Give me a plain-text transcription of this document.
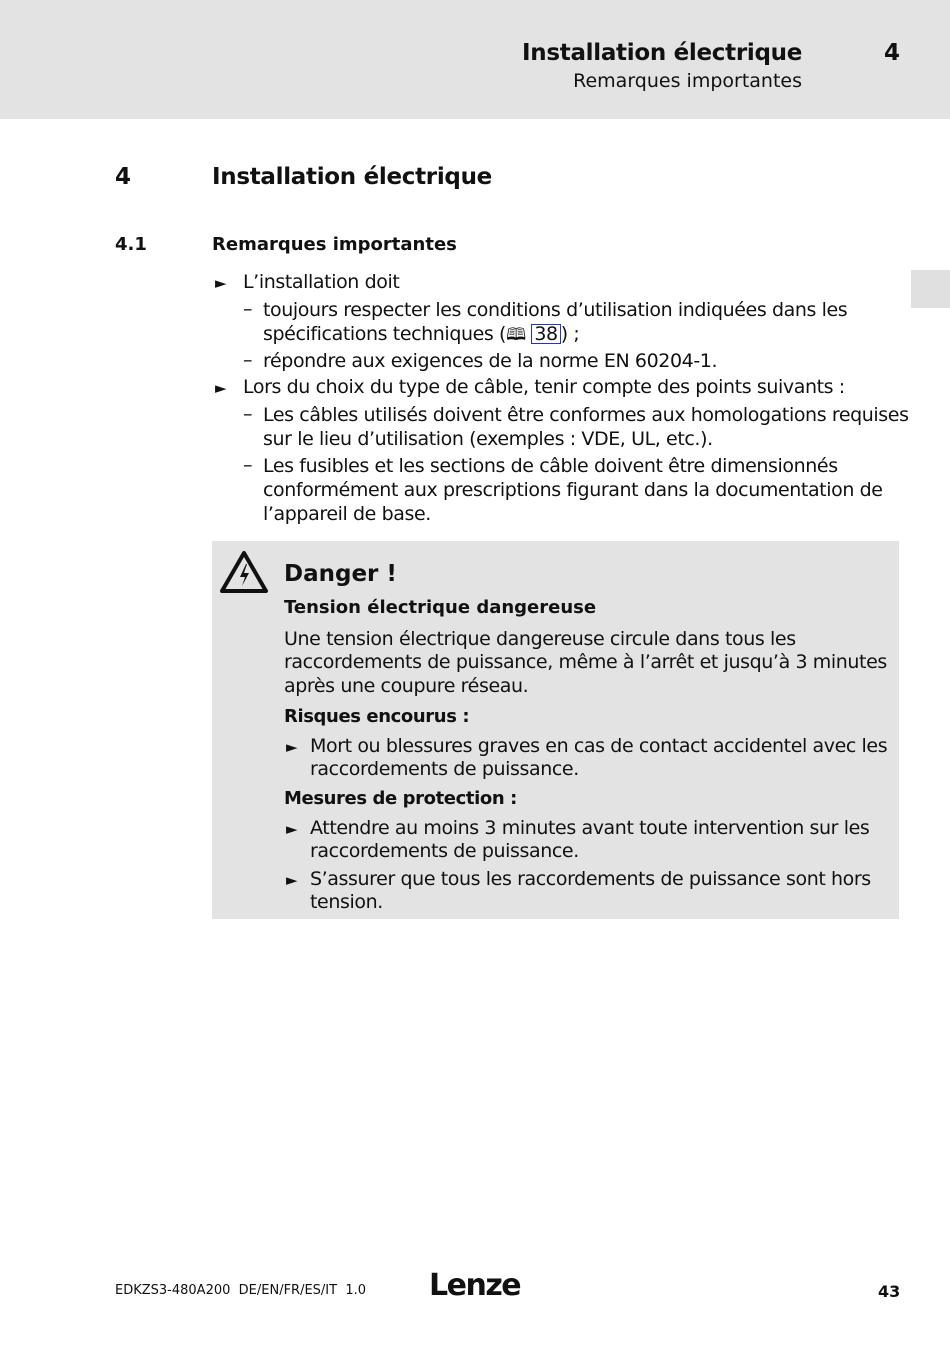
Installation électrique
Remarques importantes
4
4	Installation électrique
4.1	Remarques importantes
► L’installation doit
– toujours respecter les conditions d’utilisation indiquées dans les
spécifications techniques (🕮 38 ) ;
– répondre aux exigences de la norme EN 60204-1.
► Lors du choix du type de câble, tenir compte des points suivants :
– Les câbles utilisés doivent être conformes aux homologations requises
sur le lieu d’utilisation (exemples : VDE, UL, etc.).
– Les fusibles et les sections de câble doivent être dimensionnés
conformément aux prescriptions figurant dans la documentation de
l’appareil de base.
Danger !
Tension électrique dangereuse
Une tension électrique dangereuse circule dans tous les
raccordements de puissance, même à l’arrêt et jusqu’à 3 minutes
après une coupure réseau.
Risques encourus :
► Mort ou blessures graves en cas de contact accidentel avec les
raccordements de puissance.
Mesures de protection :
► Attendre au moins 3 minutes avant toute intervention sur les
raccordements de puissance.
► S’assurer que tous les raccordements de puissance sont hors
tension.
EDKZS3-480A200  DE/EN/FR/ES/IT  1.0 Lenze	43
